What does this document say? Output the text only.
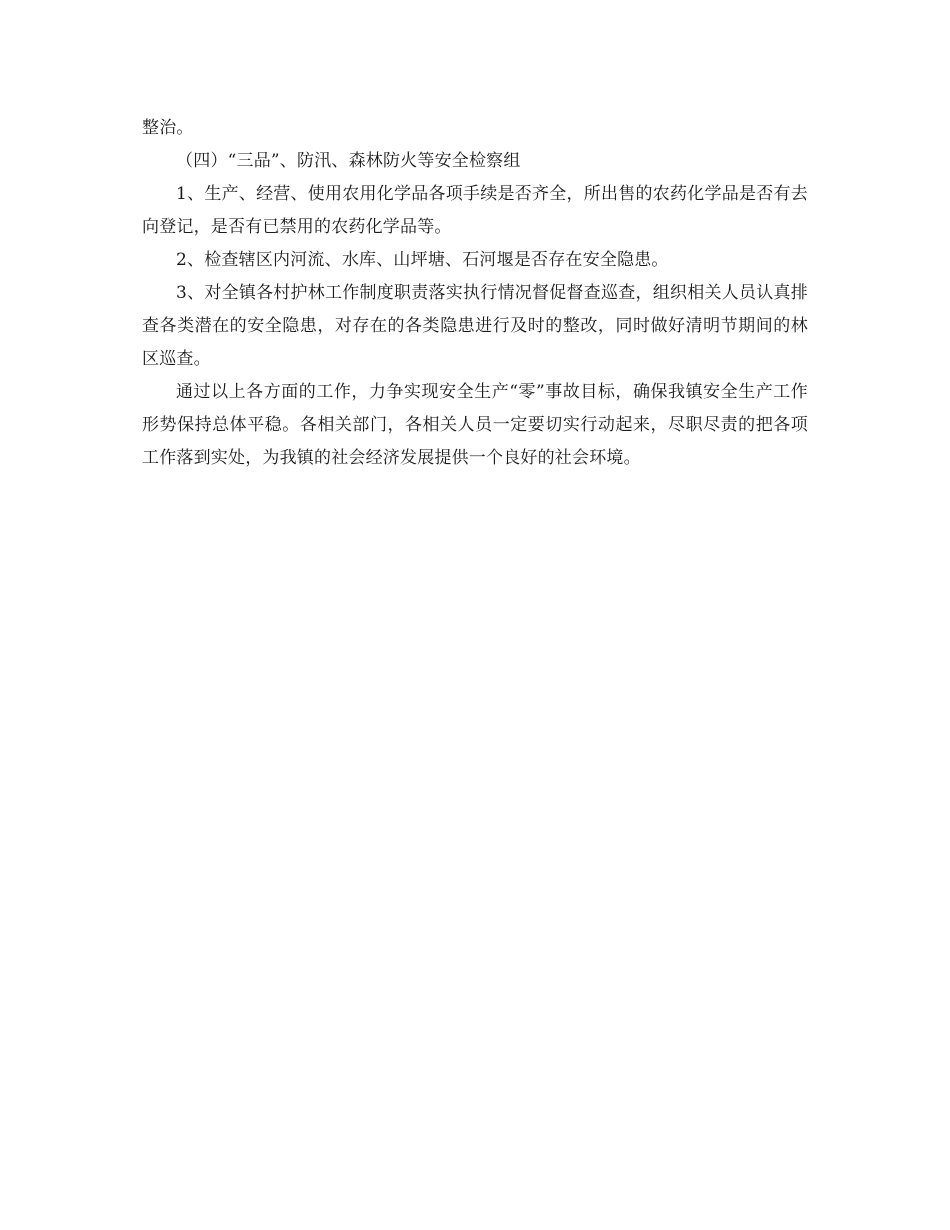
整治。

（四）“三品”、防汛、森林防火等安全检察组

1、生产、经营、使用农用化学品各项手续是否齐全，所出售的农药化学品是否有去向登记，是否有已禁用的农药化学品等。

2、检查辖区内河流、水库、山坪塘、石河堰是否存在安全隐患。

3、对全镇各村护林工作制度职责落实执行情况督促督查巡查，组织相关人员认真排查各类潜在的安全隐患，对存在的各类隐患进行及时的整改，同时做好清明节期间的林区巡查。

通过以上各方面的工作，力争实现安全生产“零”事故目标，确保我镇安全生产工作形势保持总体平稳。各相关部门，各相关人员一定要切实行动起来，尽职尽责的把各项工作落到实处，为我镇的社会经济发展提供一个良好的社会环境。
